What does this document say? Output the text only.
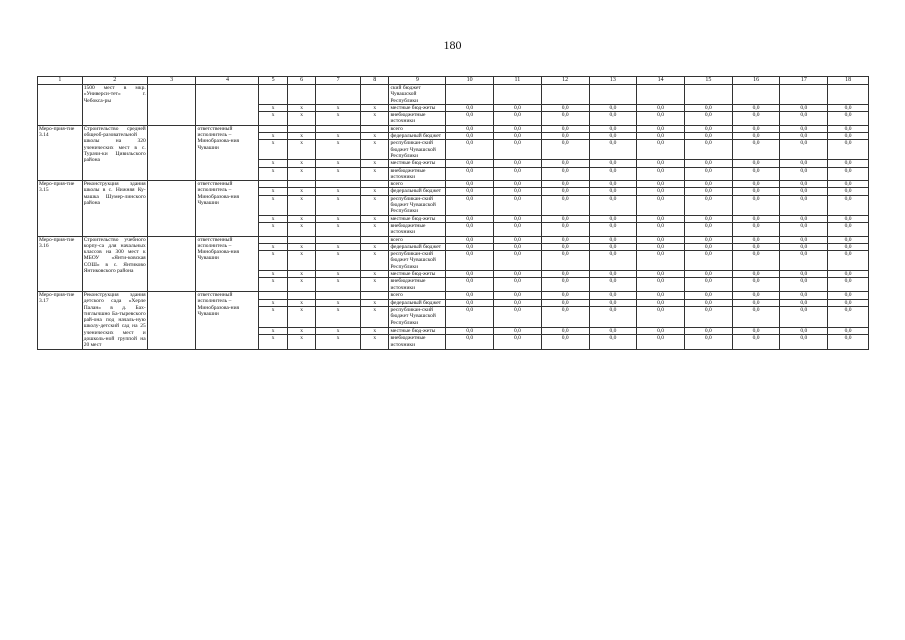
180
1	2	3	4	5	6	7	8	9	10	11	12	13	14	15	16	17	18
	1500 мест в мкр. «Универси-тет» г. Чебокса-ры							ский бюджет Чувашской Республики									
				x	x	x	x	местные бюд-жеты	0,0	0,0	0,0	0,0	0,0	0,0	0,0	0,0	0,0
				x	x	x	x	внебюджетные источники	0,0	0,0	0,0	0,0	0,0	0,0	0,0	0,0	0,0
Меро-прия-тие 3.14	Строительство средней общеоб-разовательной школы на 320 ученических мест в с. Турачи-ки Цивильского района		ответственный исполнитель – Минобразова-ния Чувашии					всего	0,0	0,0	0,0	0,0	0,0	0,0	0,0	0,0	0,0
				x	x	x	x	федеральный бюджет	0,0	0,0	0,0	0,0	0,0	0,0	0,0	0,0	0,0
				x	x	x	x	республикан-ский бюджет Чувашской Республики	0,0	0,0	0,0	0,0	0,0	0,0	0,0	0,0	0,0
				x	x	x	x	местные бюд-жеты	0,0	0,0	0,0	0,0	0,0	0,0	0,0	0,0	0,0
				x	x	x	x	внебюджетные источники	0,0	0,0	0,0	0,0	0,0	0,0	0,0	0,0	0,0
Меро-прия-тие 3.15	Реконструкция здания школы в с. Нижняя Ку-машка Шумер-линского района		ответственный исполнитель – Минобразова-ния Чувашии					всего	0,0	0,0	0,0	0,0	0,0	0,0	0,0	0,0	0,0
				x	x	x	x	федеральный бюджет	0,0	0,0	0,0	0,0	0,0	0,0	0,0	0,0	0,0
				x	x	x	x	республикан-ский бюджет Чувашской Республики	0,0	0,0	0,0	0,0	0,0	0,0	0,0	0,0	0,0
				x	x	x	x	местные бюд-жеты	0,0	0,0	0,0	0,0	0,0	0,0	0,0	0,0	0,0
				x	x	x	x	внебюджетные источники	0,0	0,0	0,0	0,0	0,0	0,0	0,0	0,0	0,0
Меро-прия-тие 3.16	Строительство учебного корпу-са для начальных классов на 300 мест к МБОУ «Янти-ковская СОШ» в с. Янтиково Янтиковского района		ответственный исполнитель – Минобразова-ния Чувашии					всего	0,0	0,0	0,0	0,0	0,0	0,0	0,0	0,0	0,0
				x	x	x	x	федеральный бюджет	0,0	0,0	0,0	0,0	0,0	0,0	0,0	0,0	0,0
				x	x	x	x	республикан-ский бюджет Чувашской Республики	0,0	0,0	0,0	0,0	0,0	0,0	0,0	0,0	0,0
				x	x	x	x	местные бюд-жеты	0,0	0,0	0,0	0,0	0,0	0,0	0,0	0,0	0,0
				x	x	x	x	внебюджетные источники	0,0	0,0	0,0	0,0	0,0	0,0	0,0	0,0	0,0
Меро-прия-тие 3.17	Реконструкция здания детского сада «Херле Палан» в д. Бах-тиглычшно Ба-тыревского рай-она под началь-ную школу-детский сад на 25 ученических мест и дошколь-ной группой на 20 мест		ответственный исполнитель – Минобразова-ния Чувашии					всего	0,0	0,0	0,0	0,0	0,0	0,0	0,0	0,0	0,0
				x	x	x	x	федеральный бюджет	0,0	0,0	0,0	0,0	0,0	0,0	0,0	0,0	0,0
				x	x	x	x	республикан-ский бюджет Чувашской Республики	0,0	0,0	0,0	0,0	0,0	0,0	0,0	0,0	0,0
				x	x	x	x	местные бюд-жеты	0,0	0,0	0,0	0,0	0,0	0,0	0,0	0,0	0,0
				x	x	x	x	внебюджетные источники	0,0	0,0	0,0	0,0	0,0	0,0	0,0	0,0	0,0
